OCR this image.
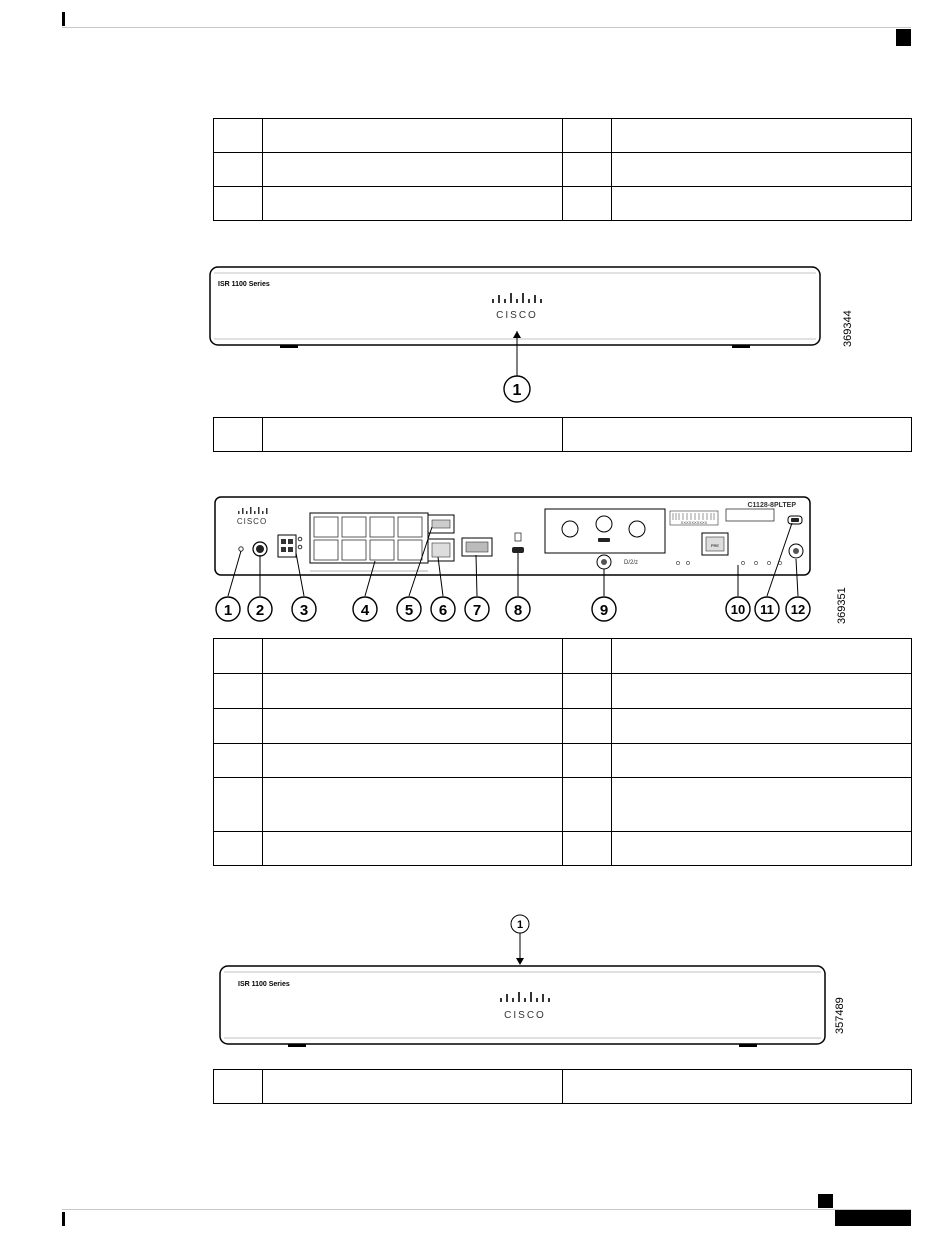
ISR 1100 Series
CISCO
1
369344

CISCO
D/2/z
XXXXXXXXXX
C1128-8PLTEP
PRE
1 2 3	4 5 6 7 8	9	10 11 12	369351

1
ISR 1100 Series
CISCO	357489
